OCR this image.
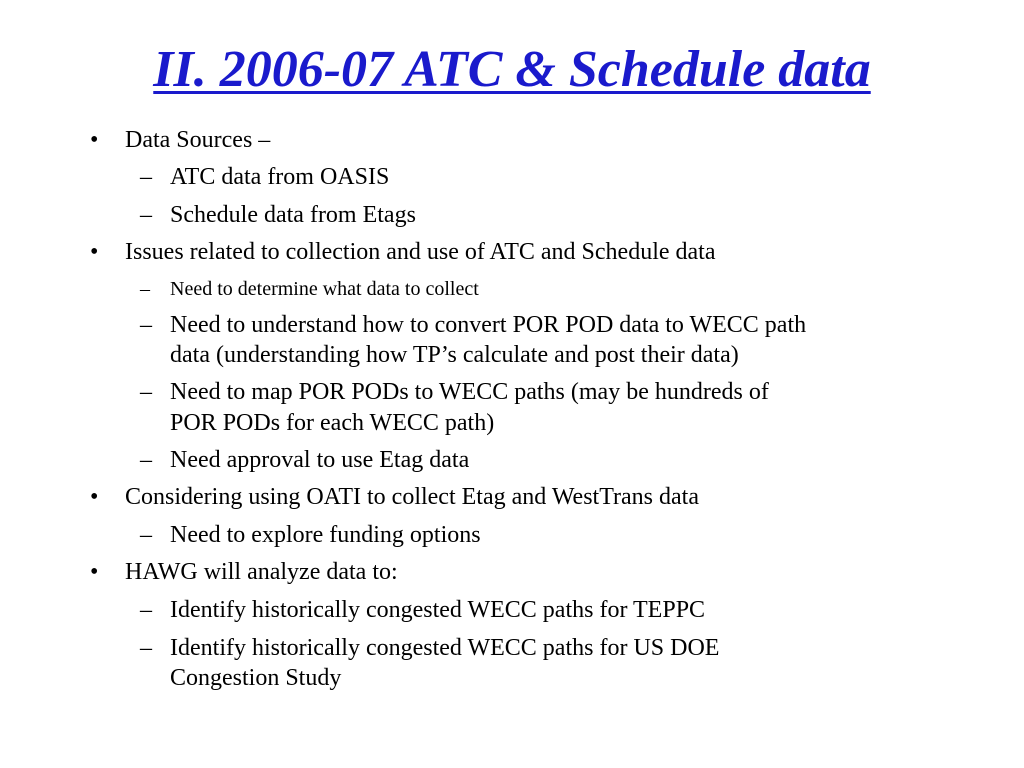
II. 2006-07 ATC & Schedule data
• Data Sources –

– ATC data from OASIS

– Schedule data from Etags

• Issues related to collection and use of ATC and Schedule data

– Need to determine what data to collect

– Need to understand how to convert POR POD data to WECC path

data (understanding how TP’s calculate and post their data)

– Need to map POR PODs to WECC paths (may be hundreds of

POR PODs for each WECC path)

– Need approval to use Etag data

• Considering using OATI to collect Etag and WestTrans data

– Need to explore funding options

• HAWG will analyze data to:

– Identify historically congested WECC paths for TEPPC

– Identify historically congested WECC paths for US DOE

Congestion Study
